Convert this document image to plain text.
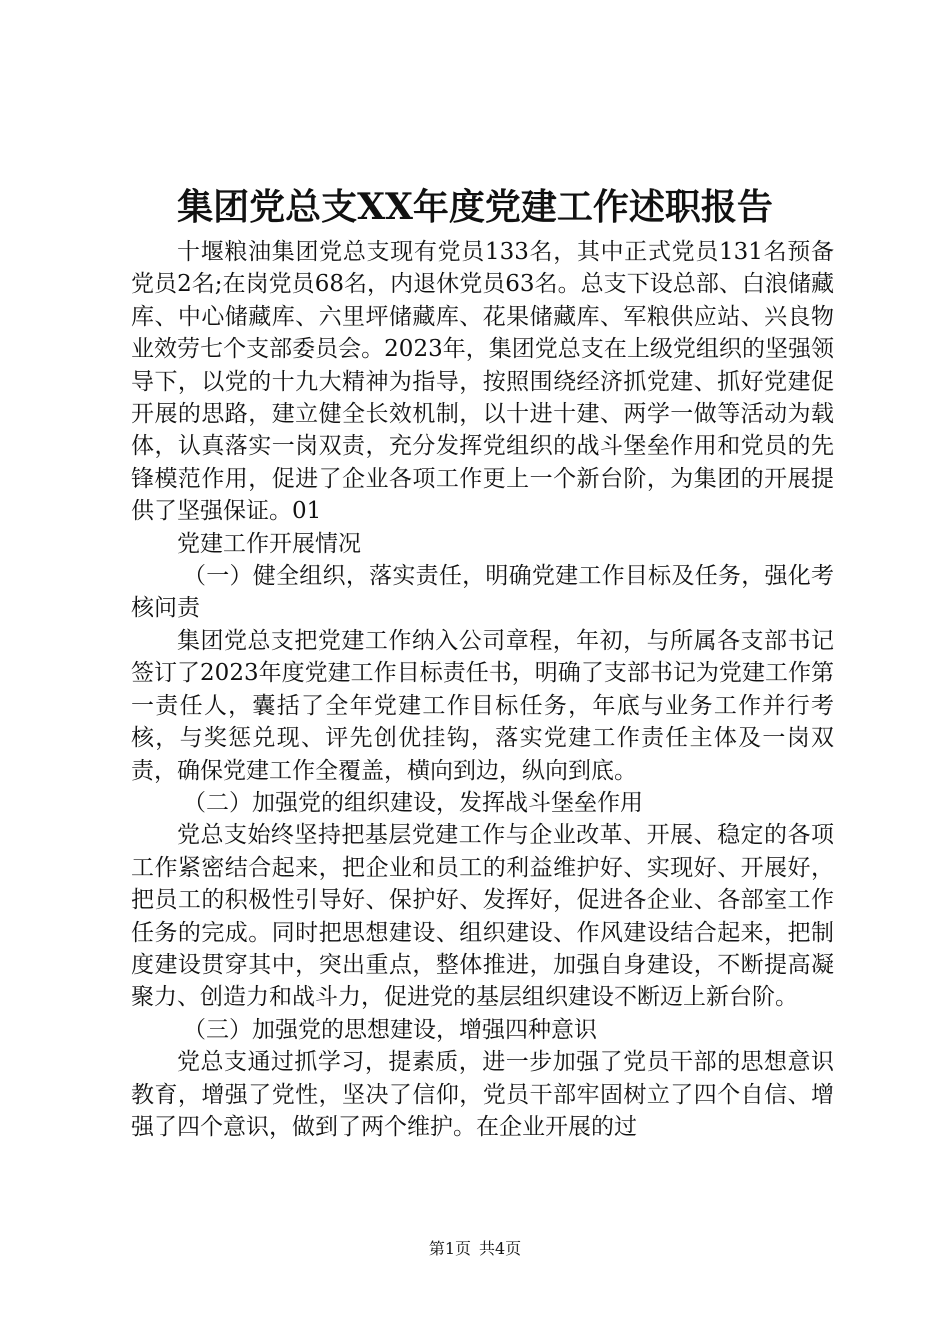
集团党总支XX年度党建工作述职报告

十堰粮油集团党总支现有党员133名，其中正式党员131名预备党员2名;在岗党员68名，内退休党员63名。总支下设总部、白浪储藏库、中心储藏库、六里坪储藏库、花果储藏库、军粮供应站、兴良物业效劳七个支部委员会。2023年，集团党总支在上级党组织的坚强领导下，以党的十九大精神为指导，按照围绕经济抓党建、抓好党建促开展的思路，建立健全长效机制，以十进十建、两学一做等活动为载体，认真落实一岗双责，充分发挥党组织的战斗堡垒作用和党员的先锋模范作用，促进了企业各项工作更上一个新台阶，为集团的开展提供了坚强保证。01

党建工作开展情况

（一）健全组织，落实责任，明确党建工作目标及任务，强化考核问责

集团党总支把党建工作纳入公司章程，年初，与所属各支部书记签订了2023年度党建工作目标责任书，明确了支部书记为党建工作第一责任人，囊括了全年党建工作目标任务，年底与业务工作并行考核，与奖惩兑现、评先创优挂钩，落实党建工作责任主体及一岗双责，确保党建工作全覆盖，横向到边，纵向到底。

（二）加强党的组织建设，发挥战斗堡垒作用

党总支始终坚持把基层党建工作与企业改革、开展、稳定的各项工作紧密结合起来，把企业和员工的利益维护好、实现好、开展好，把员工的积极性引导好、保护好、发挥好，促进各企业、各部室工作任务的完成。同时把思想建设、组织建设、作风建设结合起来，把制度建设贯穿其中，突出重点，整体推进，加强自身建设，不断提高凝聚力、创造力和战斗力，促进党的基层组织建设不断迈上新台阶。

（三）加强党的思想建设，增强四种意识

党总支通过抓学习，提素质，进一步加强了党员干部的思想意识教育，增强了党性，坚决了信仰，党员干部牢固树立了四个自信、增强了四个意识，做到了两个维护。在企业开展的过

第1页 共4页
